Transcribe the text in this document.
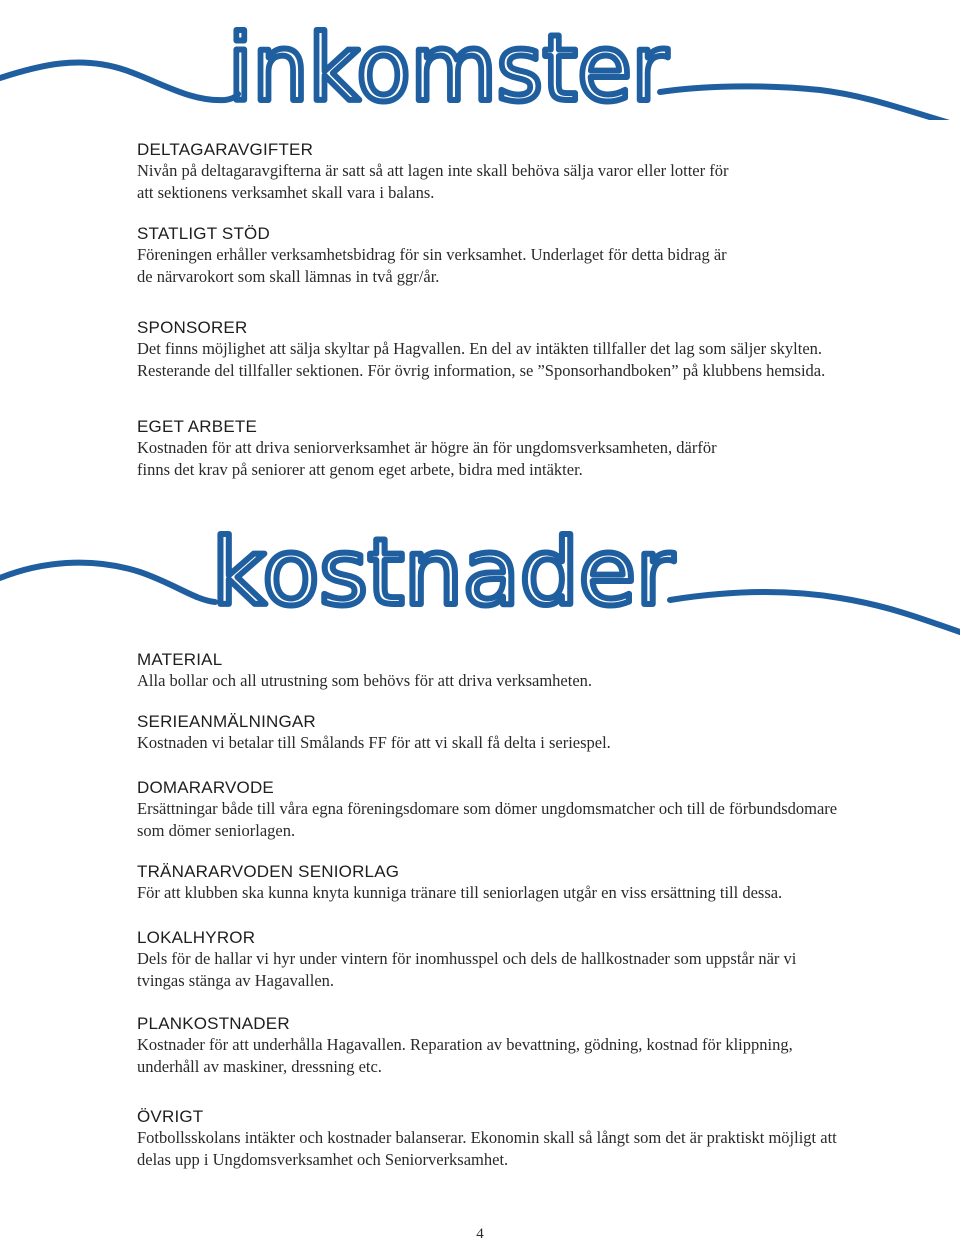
inkomster
DELTAGARAVGIFTER
Nivån på deltagaravgifterna är satt så att lagen inte skall behöva sälja varor eller lotter för
att sektionens verksamhet skall vara i balans.
STATLIGT STÖD
Föreningen erhåller verksamhetsbidrag för sin verksamhet. Underlaget för detta bidrag är
de närvarokort som skall lämnas in två ggr/år.
SPONSORER
Det finns möjlighet att sälja skyltar på Hagvallen. En del av intäkten tillfaller det lag som säljer skylten.
Resterande del tillfaller sektionen. För övrig information, se ”Sponsorhandboken” på klubbens hemsida.
EGET ARBETE
Kostnaden för att driva seniorverksamhet är högre än för ungdomsverksamheten, därför
finns det krav på seniorer att genom eget arbete, bidra med intäkter.
kostnader
MATERIAL
Alla bollar och all utrustning som behövs för att driva verksamheten.
SERIEANMÄLNINGAR
Kostnaden vi betalar till Smålands FF för att vi skall få delta i seriespel.
DOMARARVODE
Ersättningar både till våra egna föreningsdomare som dömer ungdomsmatcher och till de förbundsdomare
som dömer seniorlagen.
TRÄNARARVODEN SENIORLAG
För att klubben ska kunna knyta kunniga tränare till seniorlagen utgår en viss ersättning till dessa.
LOKALHYROR
Dels för de hallar vi hyr under vintern för inomhusspel och dels de hallkostnader som uppstår när vi
tvingas stänga av Hagavallen.
PLANKOSTNADER
Kostnader för att underhålla Hagavallen. Reparation av bevattning, gödning, kostnad för klippning,
underhåll av maskiner, dressning etc.
ÖVRIGT
Fotbollsskolans intäkter och kostnader balanserar. Ekonomin skall så långt som det är praktiskt möjligt att
delas upp i Ungdomsverksamhet och Seniorverksamhet.
4
